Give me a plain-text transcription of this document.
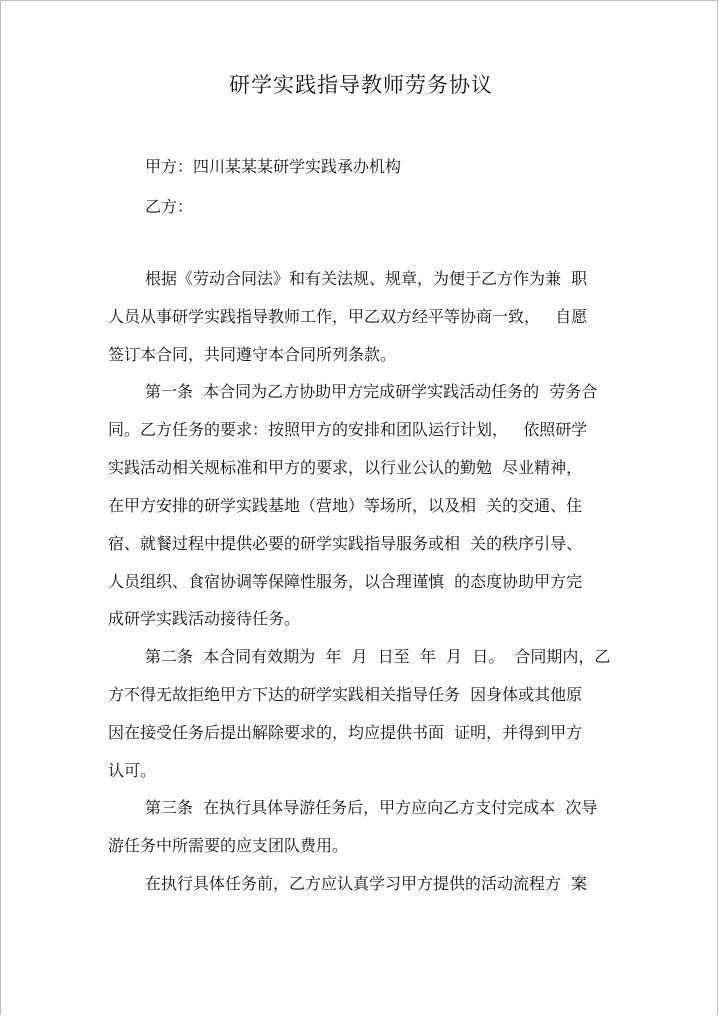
研学实践指导教师劳务协议
甲方：四川某某某研学实践承办机构
乙方：
根据《劳动合同法》和有关法规、规章，为便于乙方作为兼  职
人员从事研学实践指导教师工作，甲乙双方经平等协商一致，   自愿
签订本合同，共同遵守本合同所列条款。
第一条  本合同为乙方协助甲方完成研学实践活动任务的  劳务合
同。乙方任务的要求：按照甲方的安排和团队运行计划，   依照研学
实践活动相关规标准和甲方的要求，以行业公认的勤勉  尽业精神，
在甲方安排的研学实践基地（营地）等场所，以及相  关的交通、住
宿、就餐过程中提供必要的研学实践指导服务或相  关的秩序引导、
人员组织、食宿协调等保障性服务，以合理谨慎  的态度协助甲方完
成研学实践活动接待任务。
第二条  本合同有效期为  年  月  日至  年  月  日。  合同期内，乙
方不得无故拒绝甲方下达的研学实践相关指导任务  因身体或其他原
因在接受任务后提出解除要求的，均应提供书面  证明，并得到甲方
认可。
第三条  在执行具体导游任务后，甲方应向乙方支付完成本  次导
游任务中所需要的应支团队费用。
在执行具体任务前，乙方应认真学习甲方提供的活动流程方  案
